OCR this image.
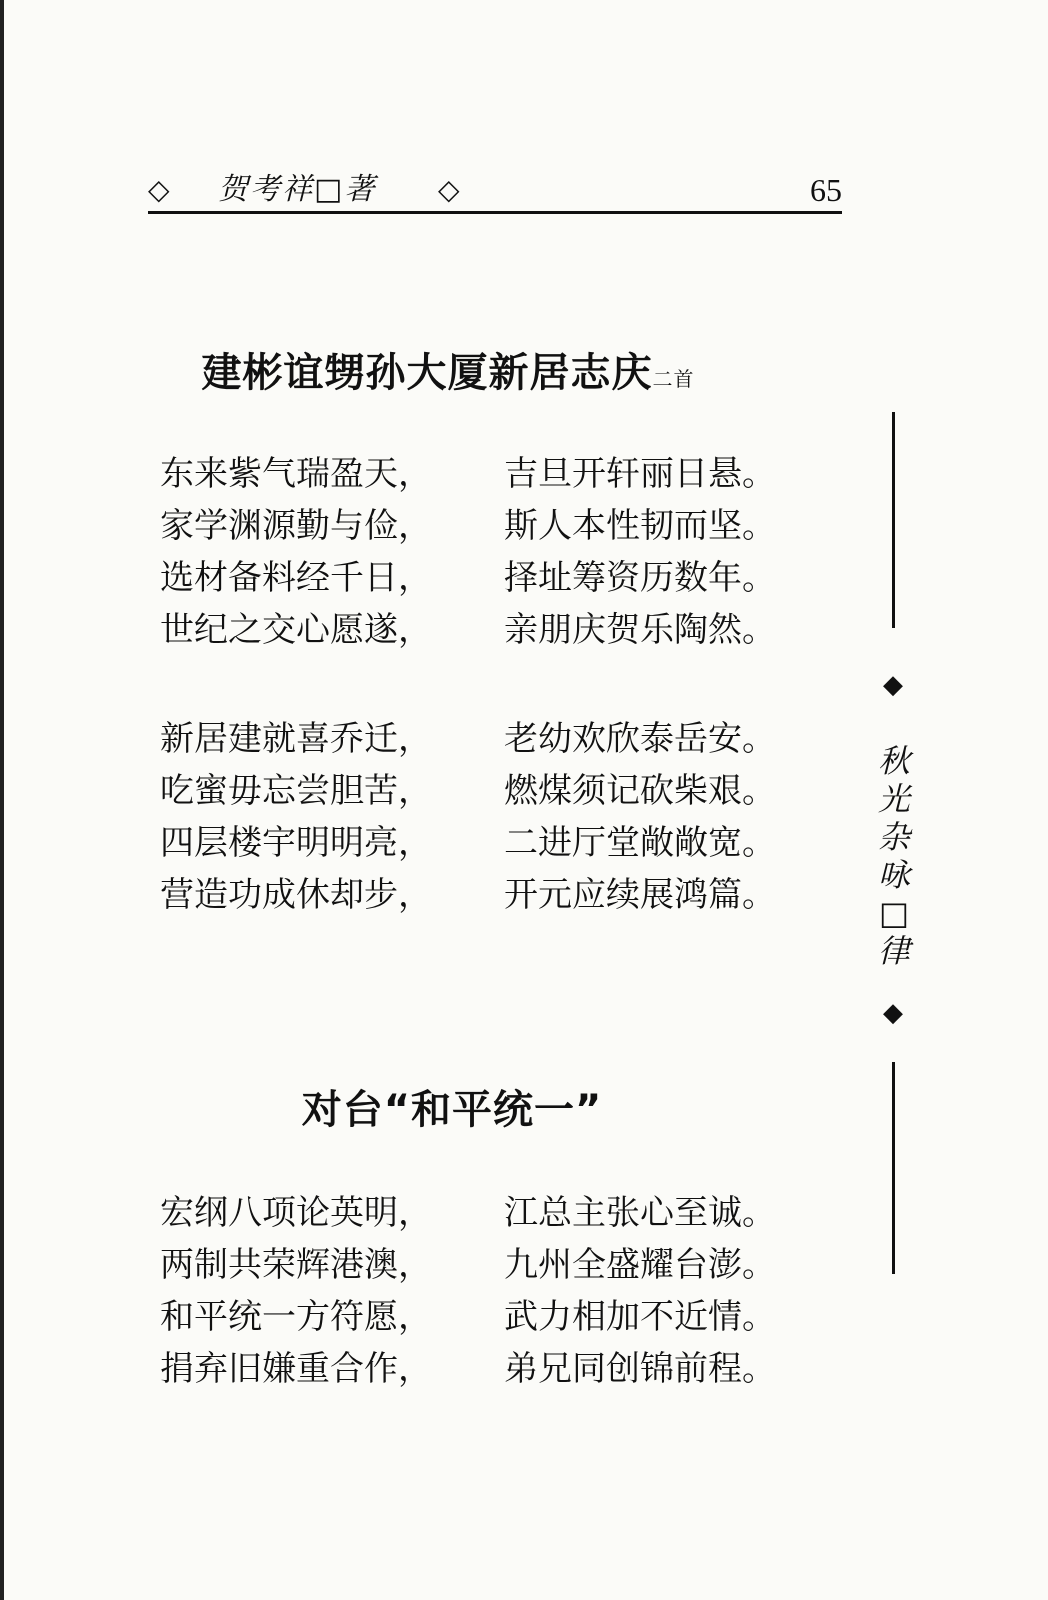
◇ 贺考祥□著 ◇	65
建彬谊甥孙大厦新居志庆二首
东来紫气瑞盈天， 吉旦开轩丽日悬。
家学渊源勤与俭， 斯人本性韧而坚。
选材备料经千日， 择址筹资历数年。
世纪之交心愿遂， 亲朋庆贺乐陶然。
新居建就喜乔迁， 老幼欢欣泰岳安。
吃蜜毋忘尝胆苦， 燃煤须记砍柴艰。
四层楼宇明明亮， 二进厅堂敞敞宽。
营造功成休却步， 开元应续展鸿篇。
对台“和平统一”
宏纲八项论英明， 江总主张心至诚。
两制共荣辉港澳， 九州全盛耀台澎。
和平统一方符愿， 武力相加不近情。
捐弃旧嫌重合作， 弟兄同创锦前程。
◆
秋光杂咏□律
◆
